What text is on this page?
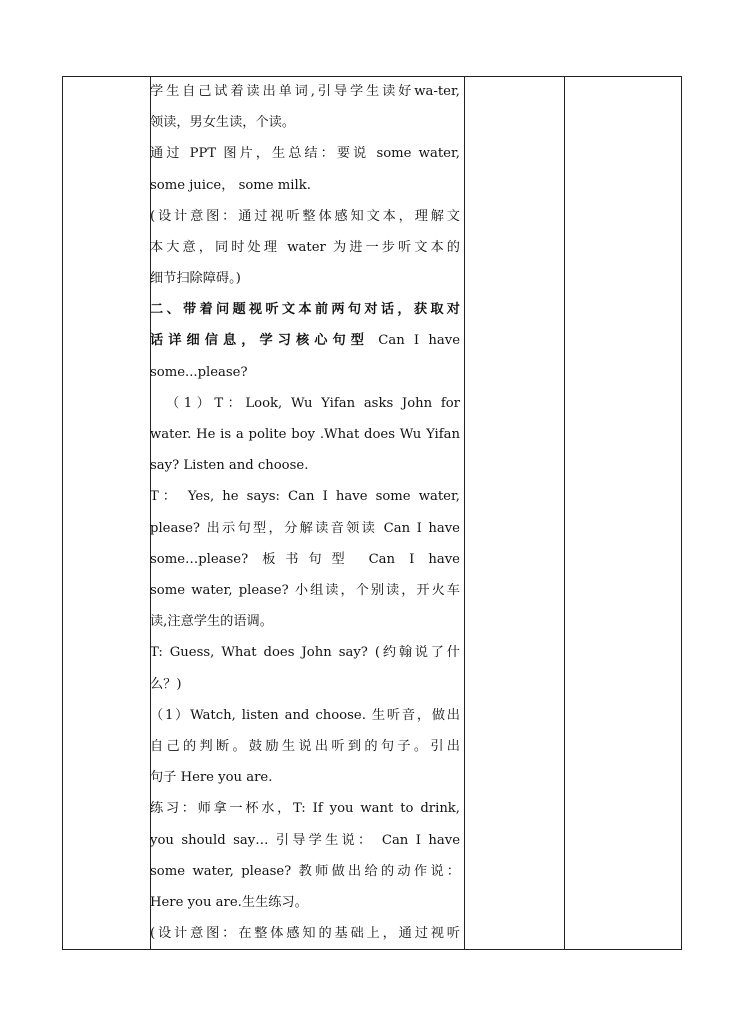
学生自己试着读出单词,引导学生读好wa-ter,
领读，男女生读，个读。
通过 PPT 图片，生总结：要说 some water,
some juice， some milk.
(设计意图：通过视听整体感知文本，理解文
本大意，同时处理 water 为进一步听文本的
细节扫除障碍。)
二、带着问题视听文本前两句对话，获取对
话详细信息，学习核心句型 Can I have
some...please?
（1）T：Look, Wu Yifan asks John for
water. He is a polite boy .What does Wu Yifan
say? Listen and choose.
T： Yes, he says: Can I have some water,
please? 出示句型，分解读音领读 Can I have
some…please? 板书句型 Can I have
some water, please? 小组读，个别读，开火车
读,注意学生的语调。
T: Guess, What does John say? (约翰说了什
么？)
（1）Watch, listen and choose. 生听音，做出
自己的判断。鼓励生说出听到的句子。引出
句子 Here you are.
练习：师拿一杯水，T: If you want to drink,
you should say… 引导学生说： Can I have
some water, please? 教师做出给的动作说：
Here you are.生生练习。
(设计意图：在整体感知的基础上，通过视听
